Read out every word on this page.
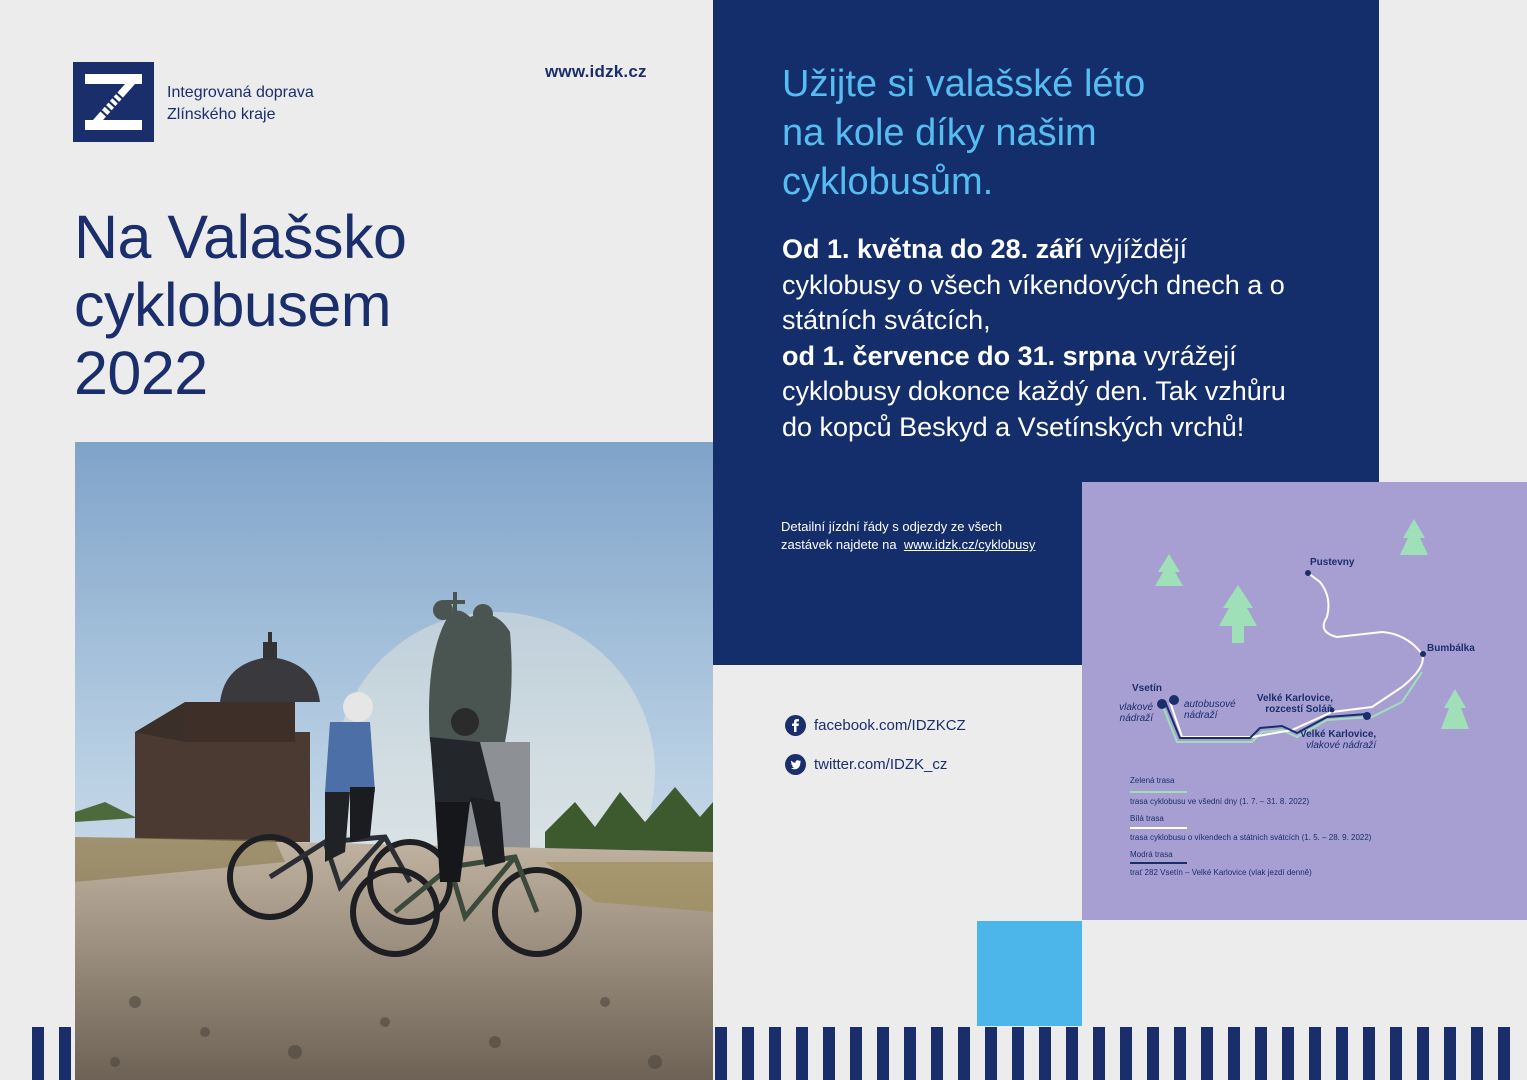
Integrovaná doprava
Zlínského kraje
www.idzk.cz
Na Valašsko
cyklobusem
2022
Užijte si valašské léto
na kole díky našim
cyklobusům.
Od 1. května do 28. září vyjíždějí cyklobusy o všech víkendových dnech a o státních svátcích,
od 1. července do 31. srpna vyrážejí cyklobusy dokonce každý den. Tak vzhůru do kopců Beskyd a Vsetínských vrchů!
Detailní jízdní řády s odjezdy ze všech
zastávek najdete na www.idzk.cz/cyklobusy
facebook.com/IDZKCZ
twitter.com/IDZK_cz
Pustevny
Bumbálka
Vsetín
vlakové nádraží
autobusové nádraží
Velké Karlovice, rozcestí Soláň
Velké Karlovice,
vlakové nádraží
Zelená trasa
trasa cyklobusu ve všední dny (1. 7. – 31. 8. 2022)
Bílá trasa
trasa cyklobusu o víkendech a státních svátcích (1. 5. – 28. 9. 2022)
Modrá trasa
trať 282 Vsetín – Velké Karlovice (vlak jezdí denně)
